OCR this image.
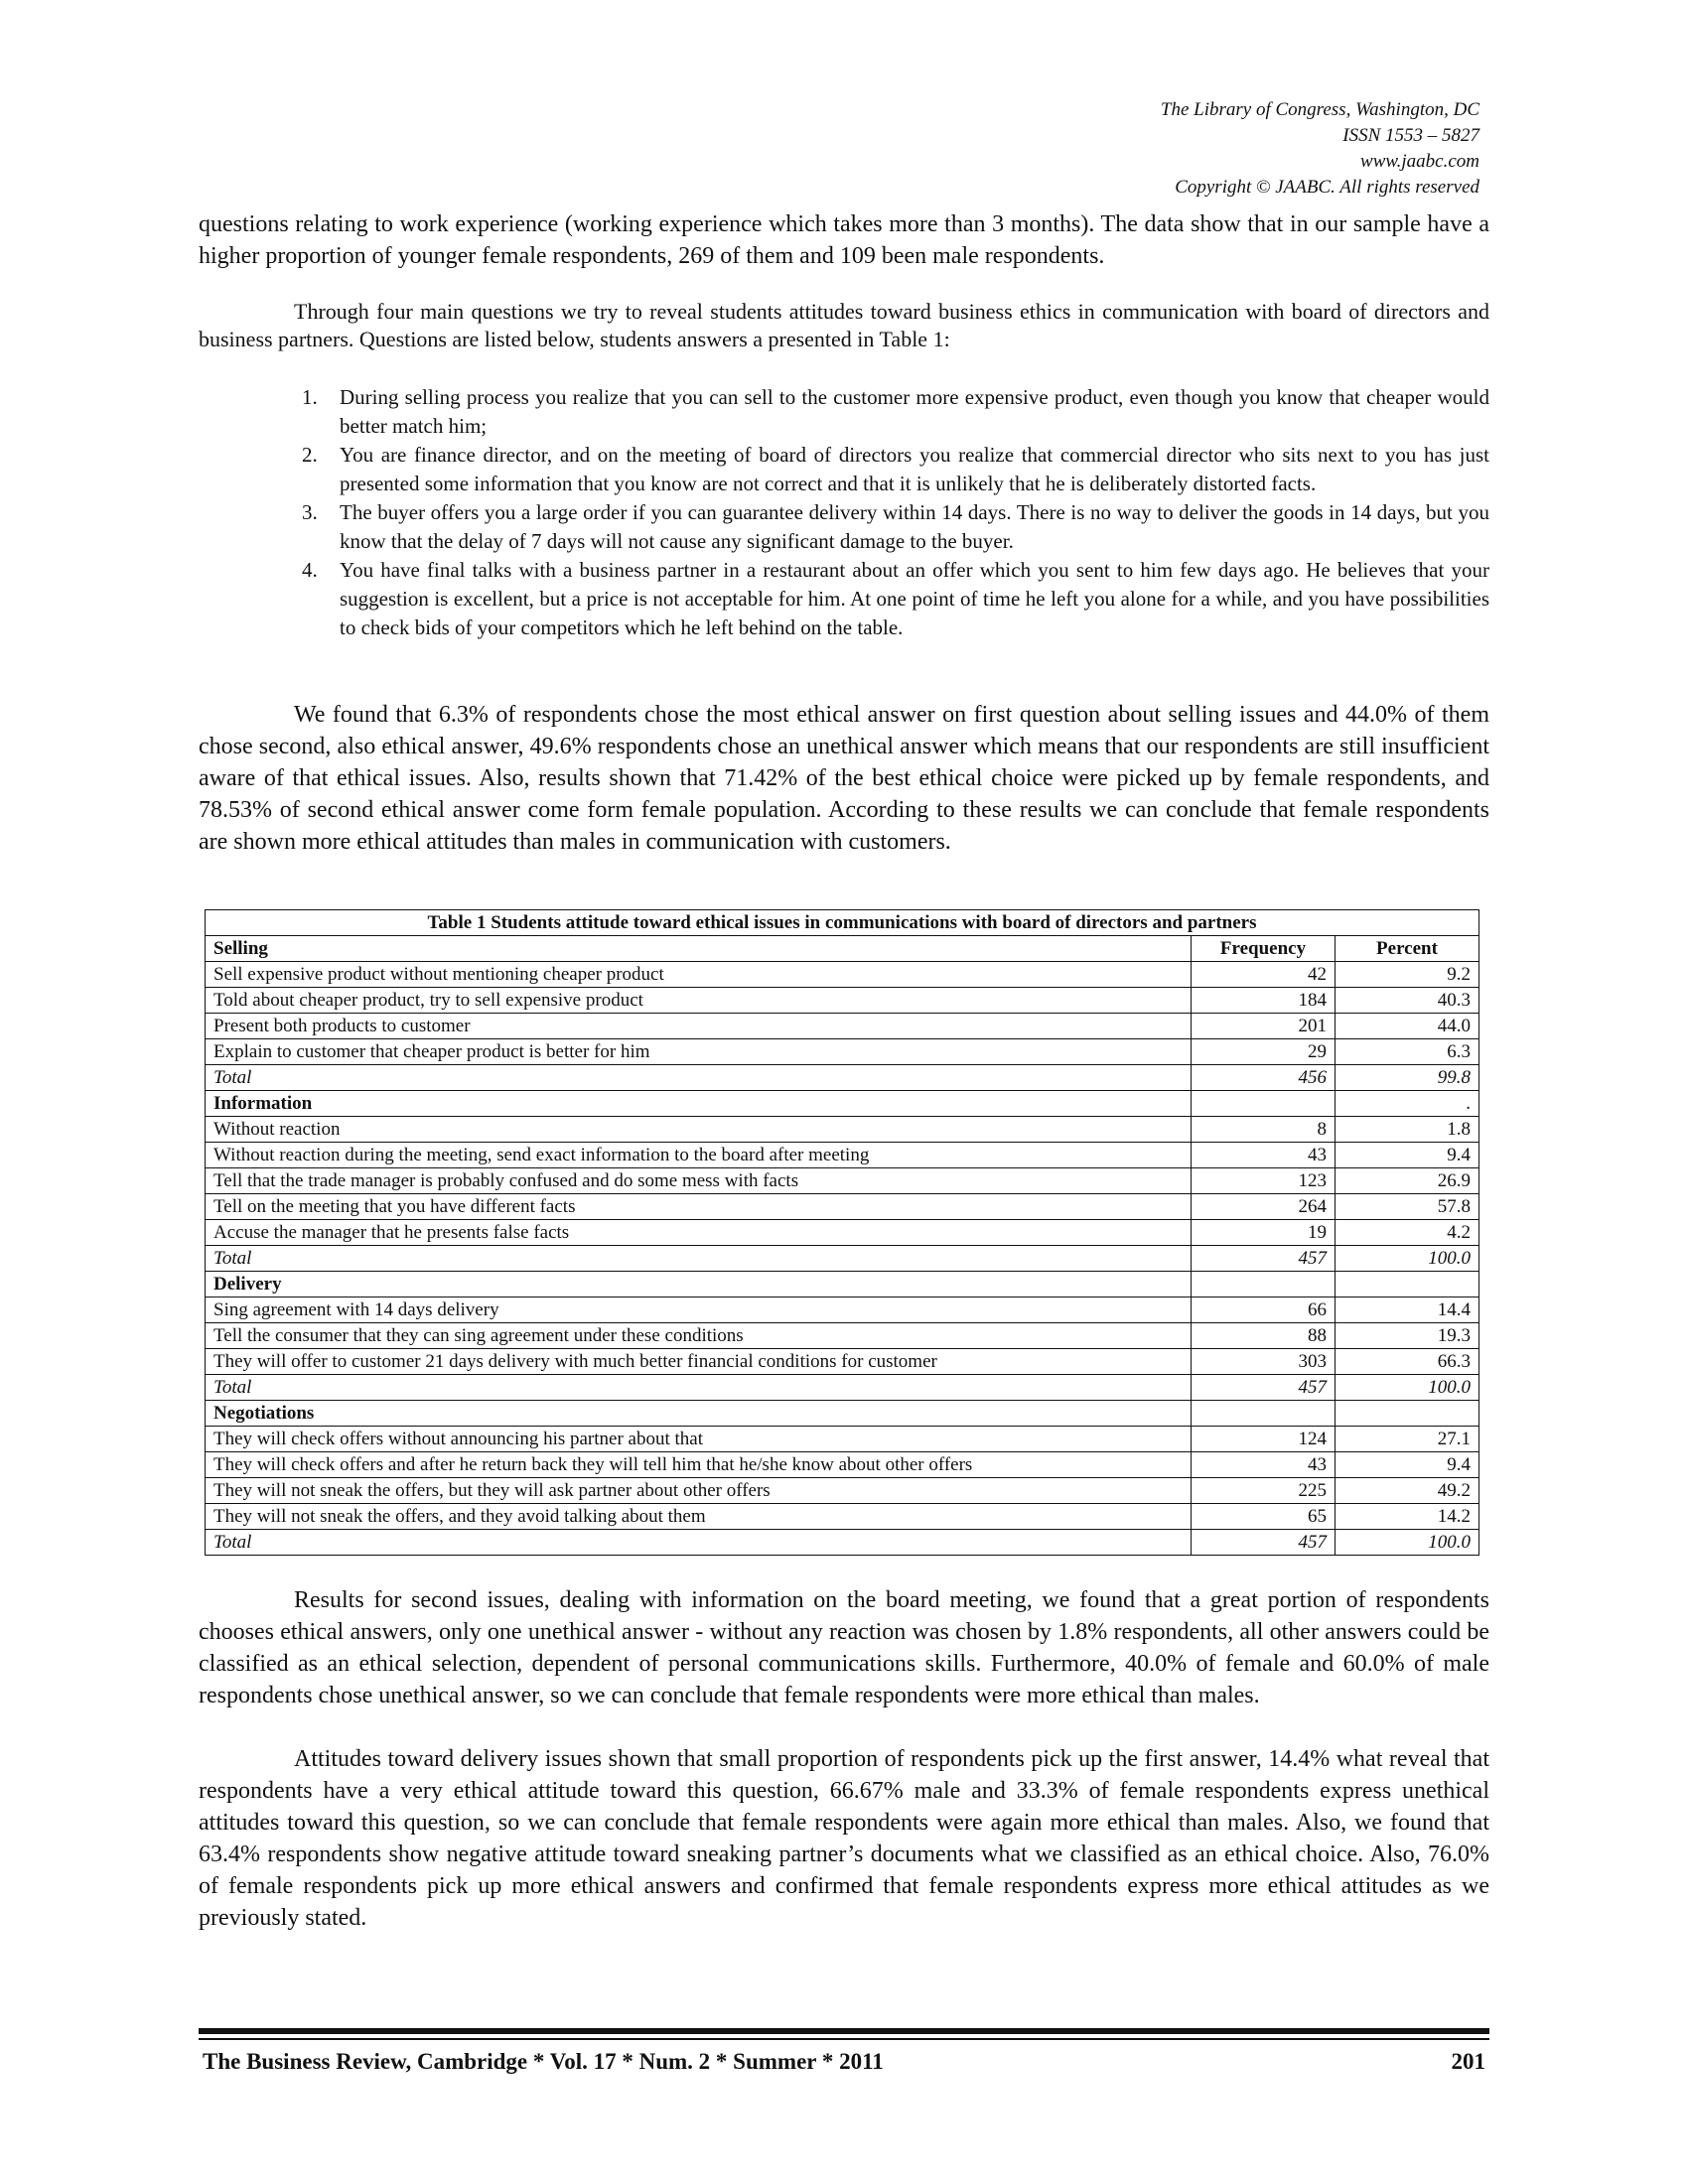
The Library of Congress, Washington, DC
ISSN 1553 – 5827
www.jaabc.com
Copyright © JAABC. All rights reserved

questions relating to work experience (working experience which takes more than 3 months). The data show that in our sample have a higher proportion of younger female respondents, 269 of them and 109 been male respondents.

Through four main questions we try to reveal students attitudes toward business ethics in communication with board of directors and business partners. Questions are listed below, students answers a presented in Table 1:

1. During selling process you realize that you can sell to the customer more expensive product, even though you know that cheaper would better match him;
2. You are finance director, and on the meeting of board of directors you realize that commercial director who sits next to you has just presented some information that you know are not correct and that it is unlikely that he is deliberately distorted facts.
3. The buyer offers you a large order if you can guarantee delivery within 14 days. There is no way to deliver the goods in 14 days, but you know that the delay of 7 days will not cause any significant damage to the buyer.
4. You have final talks with a business partner in a restaurant about an offer which you sent to him few days ago. He believes that your suggestion is excellent, but a price is not acceptable for him. At one point of time he left you alone for a while, and you have possibilities to check bids of your competitors which he left behind on the table.

We found that 6.3% of respondents chose the most ethical answer on first question about selling issues and 44.0% of them chose second, also ethical answer, 49.6% respondents chose an unethical answer which means that our respondents are still insufficient aware of that ethical issues. Also, results shown that 71.42% of the best ethical choice were picked up by female respondents, and 78.53% of second ethical answer come form female population. According to these results we can conclude that female respondents are shown more ethical attitudes than males in communication with customers.

Table 1 Students attitude toward ethical issues in communications with board of directors and partners		
Selling	Frequency	Percent
Sell expensive product without mentioning cheaper product	42	9.2
Told about cheaper product, try to sell expensive product	184	40.3
Present both products to customer	201	44.0
Explain to customer that cheaper product is better for him	29	6.3
Total	456	99.8
Information		.
Without reaction	8	1.8
Without reaction during the meeting, send exact information to the board after meeting	43	9.4
Tell that the trade manager is probably confused and do some mess with facts	123	26.9
Tell on the meeting that you have different facts	264	57.8
Accuse the manager that he presents false facts	19	4.2
Total	457	100.0
Delivery		
Sing agreement with 14 days delivery	66	14.4
Tell the consumer that they can sing agreement under these conditions	88	19.3
They will offer to customer 21 days delivery with much better financial conditions for customer	303	66.3
Total	457	100.0
Negotiations		
They will check offers without announcing his partner about that	124	27.1
They will check offers and after he return back they will tell him that he/she know about other offers	43	9.4
They will not sneak the offers, but they will ask partner about other offers	225	49.2
They will not sneak the offers, and they avoid talking about them	65	14.2
Total	457	100.0

Results for second issues, dealing with information on the board meeting, we found that a great portion of respondents chooses ethical answers, only one unethical answer - without any reaction was chosen by 1.8% respondents, all other answers could be classified as an ethical selection, dependent of personal communications skills. Furthermore, 40.0% of female and 60.0% of male respondents chose unethical answer, so we can conclude that female respondents were more ethical than males.

Attitudes toward delivery issues shown that small proportion of respondents pick up the first answer, 14.4% what reveal that respondents have a very ethical attitude toward this question, 66.67% male and 33.3% of female respondents express unethical attitudes toward this question, so we can conclude that female respondents were again more ethical than males. Also, we found that 63.4% respondents show negative attitude toward sneaking partner’s documents what we classified as an ethical choice. Also, 76.0% of female respondents pick up more ethical answers and confirmed that female respondents express more ethical attitudes as we previously stated.

The Business Review, Cambridge * Vol. 17 * Num. 2 * Summer * 2011	201
